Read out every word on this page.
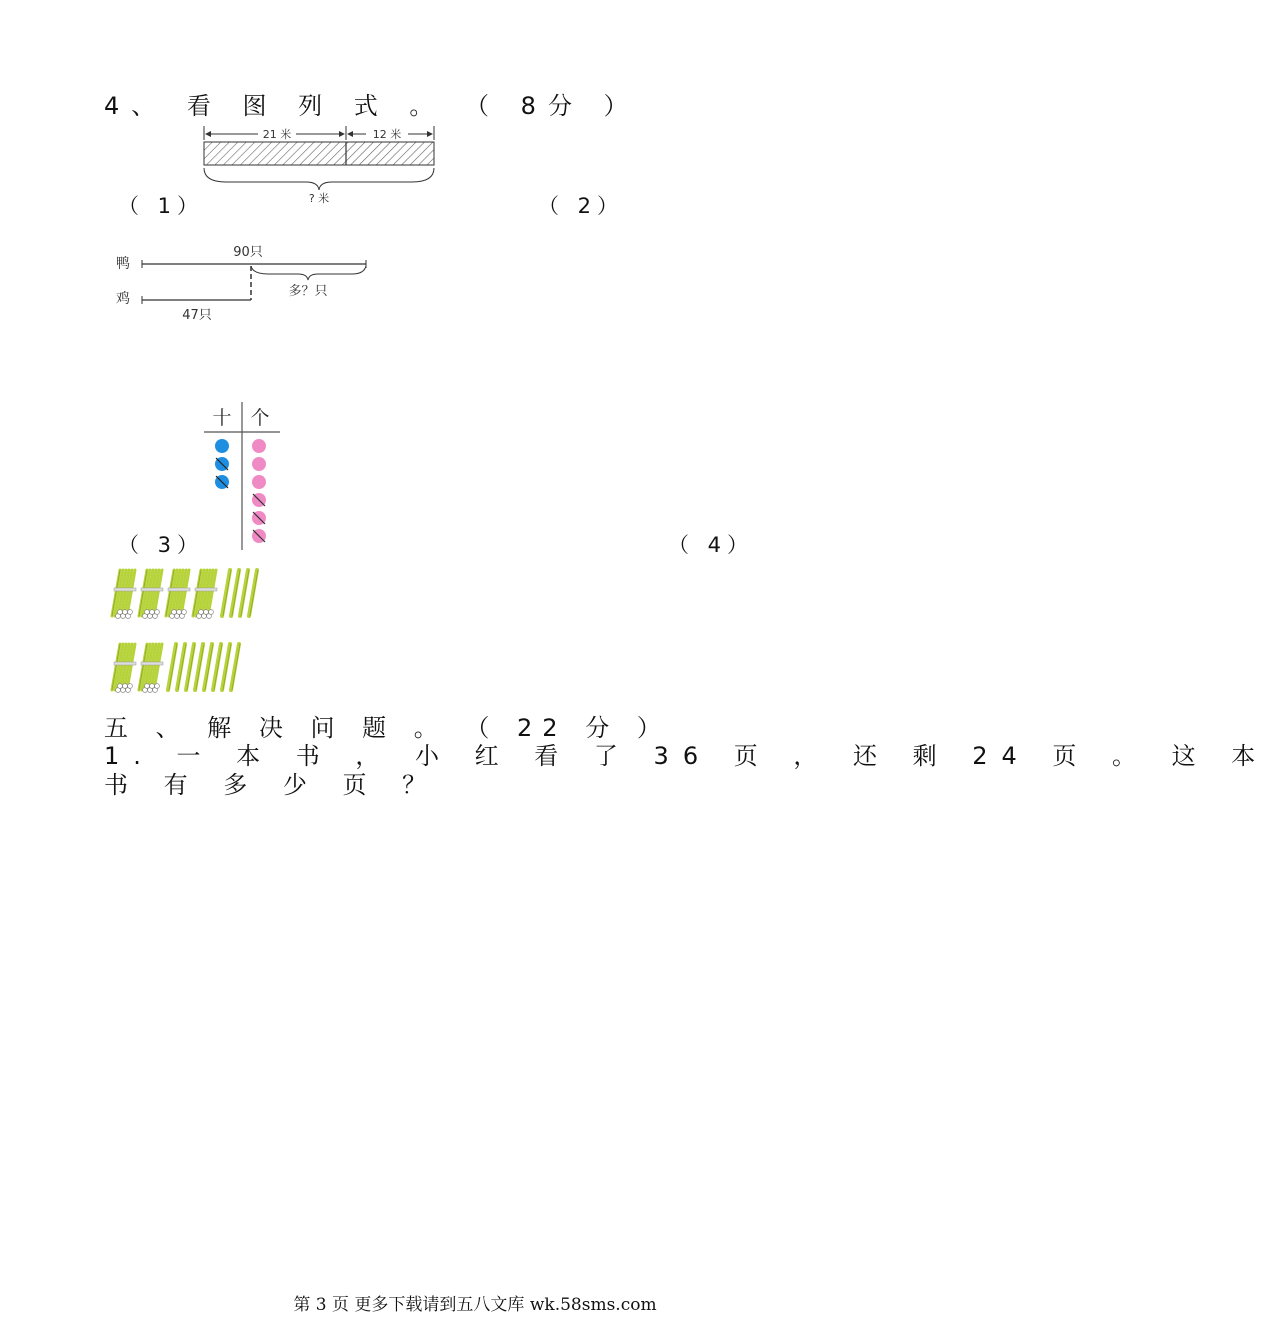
4、 看 图 列 式 。 （ 8分 ）
21 米	12 米
? 米
（ 1）	（ 2）
鸭
鸡
90只
多？只
47只
十 个
（ 3）	（ 4）
五 、 解 决 问 题 。 （ 22 分 ）
1. 一 本 书 ， 小 红 看 了 36 页 ， 还 剩 24 页 。 这 本
书 有 多 少 页 ？
第 3 页 更多下载请到五八文库 wk.58sms.com
